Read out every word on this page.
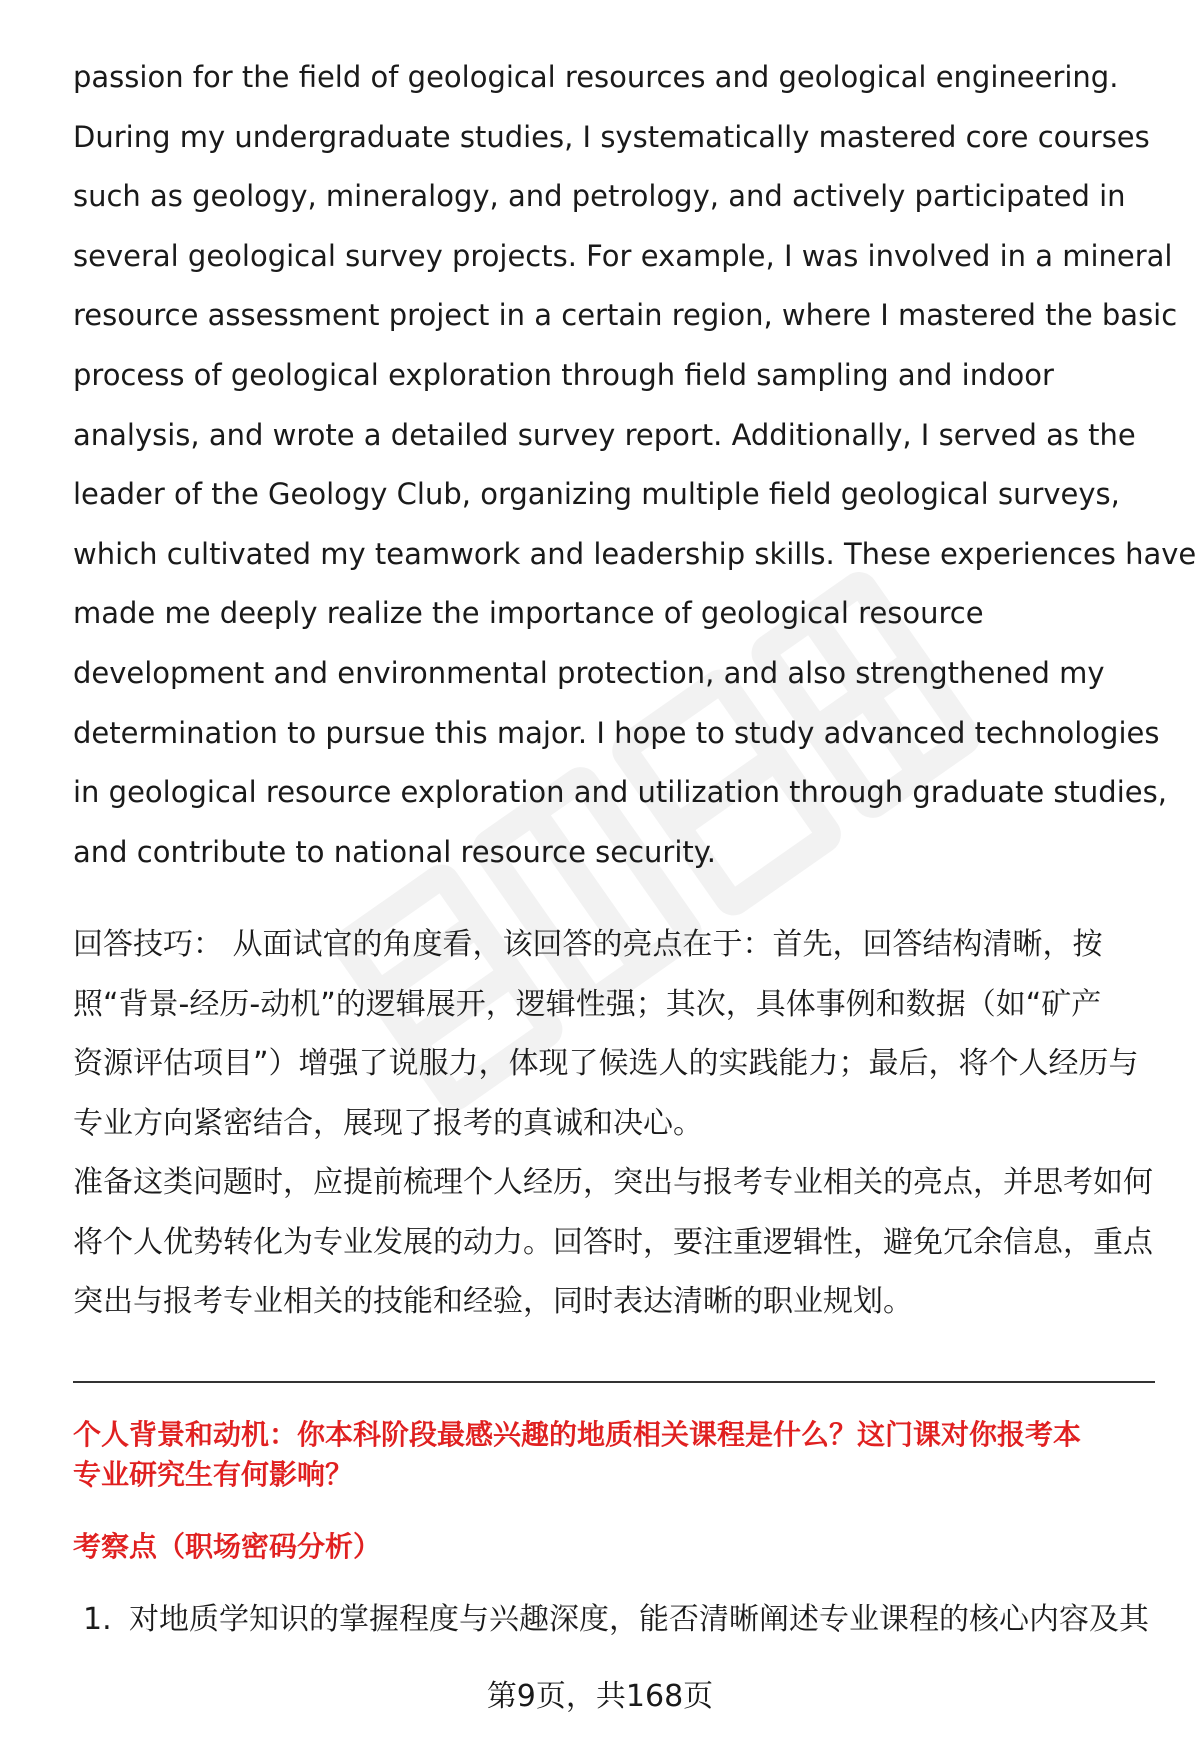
passion for the field of geological resources and geological engineering.
During my undergraduate studies, I systematically mastered core courses
such as geology, mineralogy, and petrology, and actively participated in
several geological survey projects. For example, I was involved in a mineral
resource assessment project in a certain region, where I mastered the basic
process of geological exploration through field sampling and indoor
analysis, and wrote a detailed survey report. Additionally, I served as the
leader of the Geology Club, organizing multiple field geological surveys,
which cultivated my teamwork and leadership skills. These experiences have
made me deeply realize the importance of geological resource
development and environmental protection, and also strengthened my
determination to pursue this major. I hope to study advanced technologies
in geological resource exploration and utilization through graduate studies,
and contribute to national resource security.

回答技巧： 从面试官的角度看，该回答的亮点在于：首先，回答结构清晰，按
照“背景-经历-动机”的逻辑展开，逻辑性强；其次，具体事例和数据（如“矿产
资源评估项目”）增强了说服力，体现了候选人的实践能力；最后，将个人经历与
专业方向紧密结合，展现了报考的真诚和决心。
准备这类问题时，应提前梳理个人经历，突出与报考专业相关的亮点，并思考如何
将个人优势转化为专业发展的动力。回答时，要注重逻辑性，避免冗余信息，重点
突出与报考专业相关的技能和经验，同时表达清晰的职业规划。

个人背景和动机：你本科阶段最感兴趣的地质相关课程是什么？这门课对你报考本
专业研究生有何影响？

考察点（职场密码分析）

1. 对地质学知识的掌握程度与兴趣深度，能否清晰阐述专业课程的核心内容及其

第9页，共168页
